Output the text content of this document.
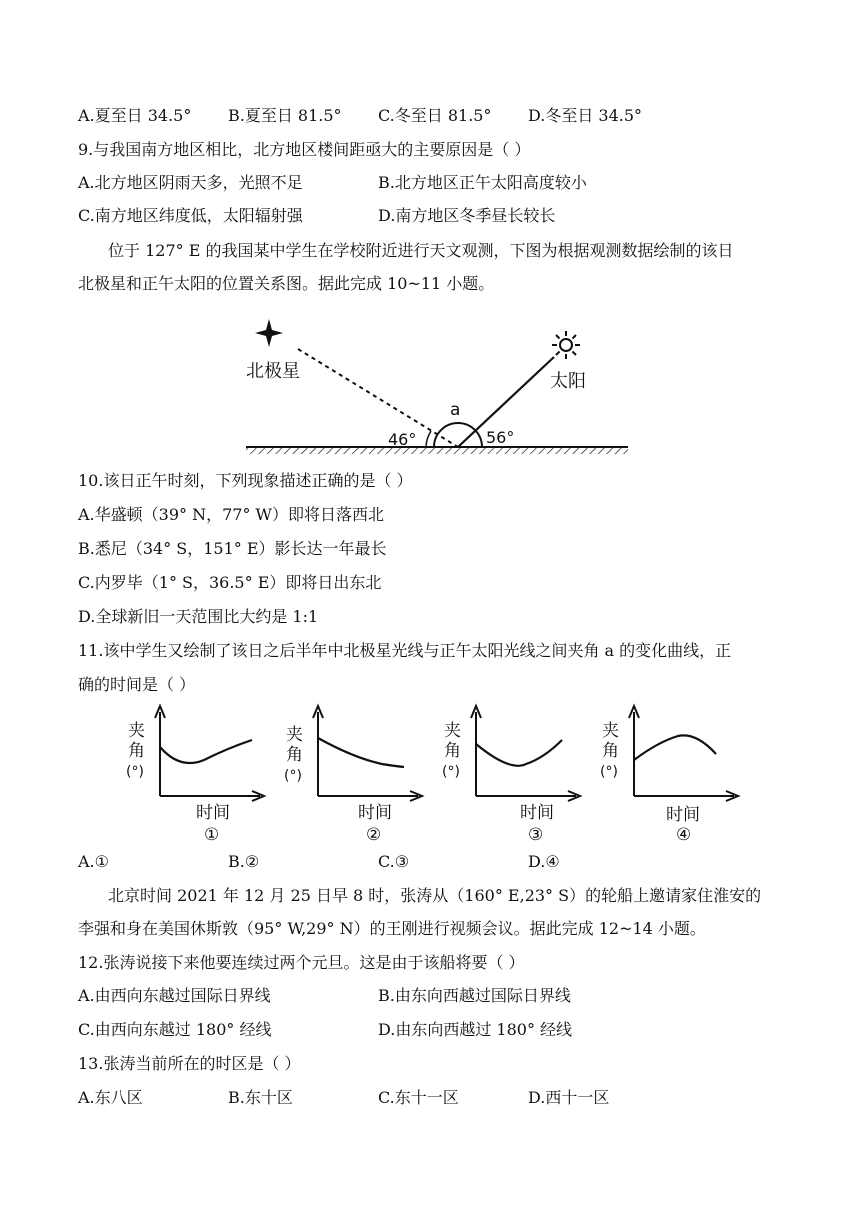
A.夏至日 34.5° B.夏至日 81.5° C.冬至日 81.5° D.冬至日 34.5°
9.与我国南方地区相比，北方地区楼间距亟大的主要原因是（ ）
A.北方地区阴雨天多，光照不足	B.北方地区正午太阳高度较小
C.南方地区纬度低，太阳辐射强	D.南方地区冬季昼长较长
位于 127° E 的我国某中学生在学校附近进行天文观测，下图为根据观测数据绘制的该日
北极星和正午太阳的位置关系图。据此完成 10~11 小题。
北极星	太阳
a
46°	56°
10.该日正午时刻，下列现象描述正确的是（ ）
A.华盛顿（39° N，77° W）即将日落西北
B.悉尼（34° S，151° E）影长达一年最长
C.内罗毕（1° S，36.5° E）即将日出东北
D.全球新旧一天范围比大约是 1:1
11.该中学生又绘制了该日之后半年中北极星光线与正午太阳光线之间夹角 a 的变化曲线，正
确的时间是（ ）
夹
角
(°)
时间
①
夹
角
(°)
时间
②
夹
角
(°)
时间
③
夹
角
(°)
时间
④
A.①	B.②	C.③	D.④
北京时间 2021 年 12 月 25 日早 8 时，张涛从（160° E,23° S）的轮船上邀请家住淮安的
李强和身在美国休斯敦（95° W,29° N）的王刚进行视频会议。据此完成 12~14 小题。
12.张涛说接下来他要连续过两个元旦。这是由于该船将要（ ）
A.由西向东越过国际日界线	B.由东向西越过国际日界线
C.由西向东越过 180° 经线	D.由东向西越过 180° 经线
13.张涛当前所在的时区是（ ）
A.东八区	B.东十区	C.东十一区	D.西十一区
